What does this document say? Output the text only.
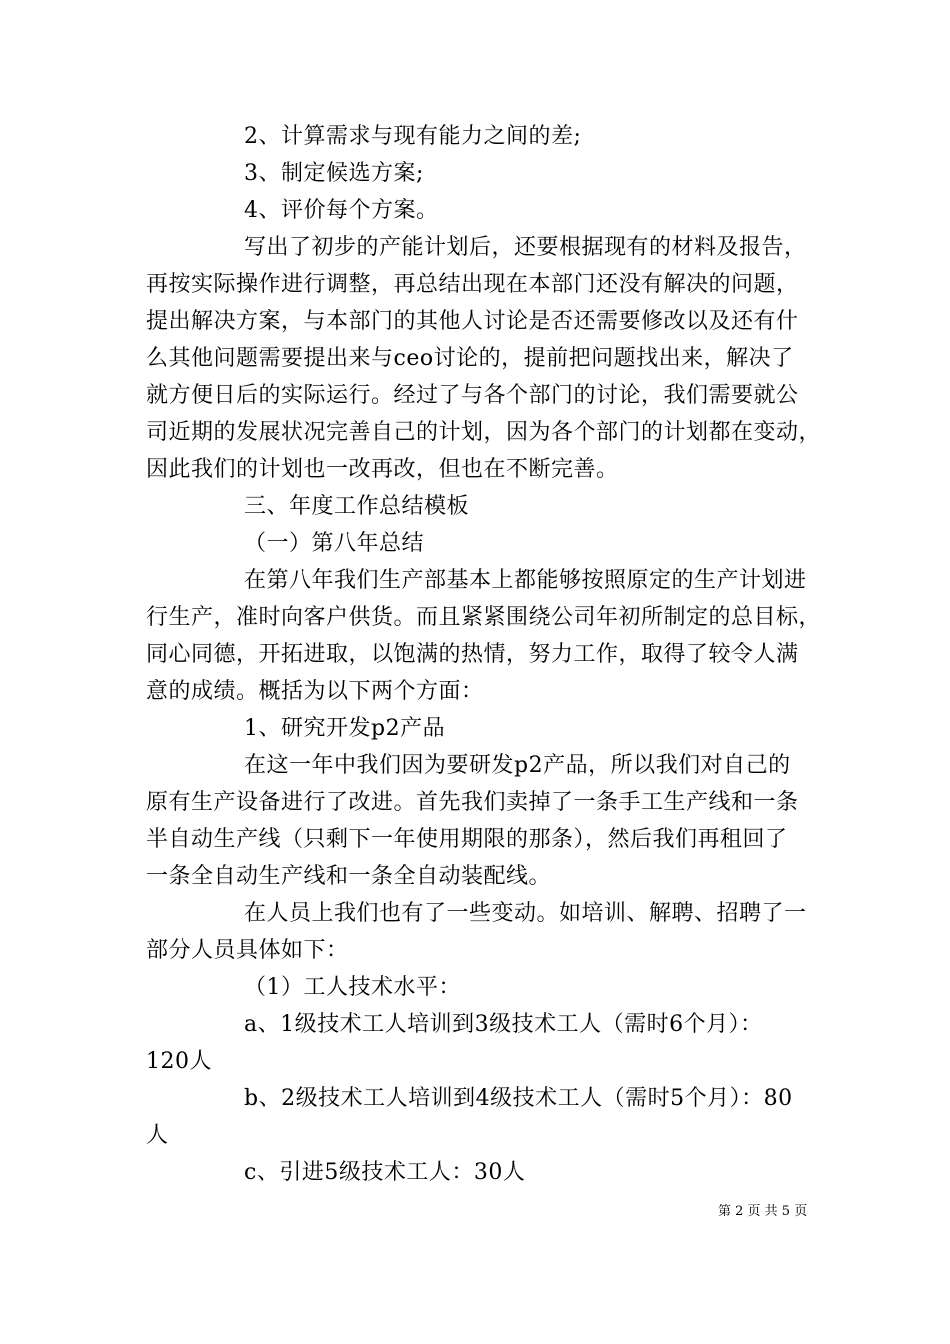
2、计算需求与现有能力之间的差;
3、制定候选方案;
4、评价每个方案。
写出了初步的产能计划后，还要根据现有的材料及报告，
再按实际操作进行调整，再总结出现在本部门还没有解决的问题，
提出解决方案，与本部门的其他人讨论是否还需要修改以及还有什
么其他问题需要提出来与ceo讨论的，提前把问题找出来，解决了
就方便日后的实际运行。经过了与各个部门的讨论，我们需要就公
司近期的发展状况完善自己的计划，因为各个部门的计划都在变动，
因此我们的计划也一改再改，但也在不断完善。
三、年度工作总结模板
（一）第八年总结
在第八年我们生产部基本上都能够按照原定的生产计划进
行生产，准时向客户供货。而且紧紧围绕公司年初所制定的总目标，
同心同德，开拓进取，以饱满的热情，努力工作，取得了较令人满
意的成绩。概括为以下两个方面：
1、研究开发p2产品
在这一年中我们因为要研发p2产品，所以我们对自己的
原有生产设备进行了改进。首先我们卖掉了一条手工生产线和一条
半自动生产线（只剩下一年使用期限的那条），然后我们再租回了
一条全自动生产线和一条全自动装配线。
在人员上我们也有了一些变动。如培训、解聘、招聘了一
部分人员具体如下：
（1）工人技术水平：
a、1级技术工人培训到3级技术工人（需时6个月）：
120人
b、2级技术工人培训到4级技术工人（需时5个月）：80
人
c、引进5级技术工人：30人
第 2 页 共 5 页
